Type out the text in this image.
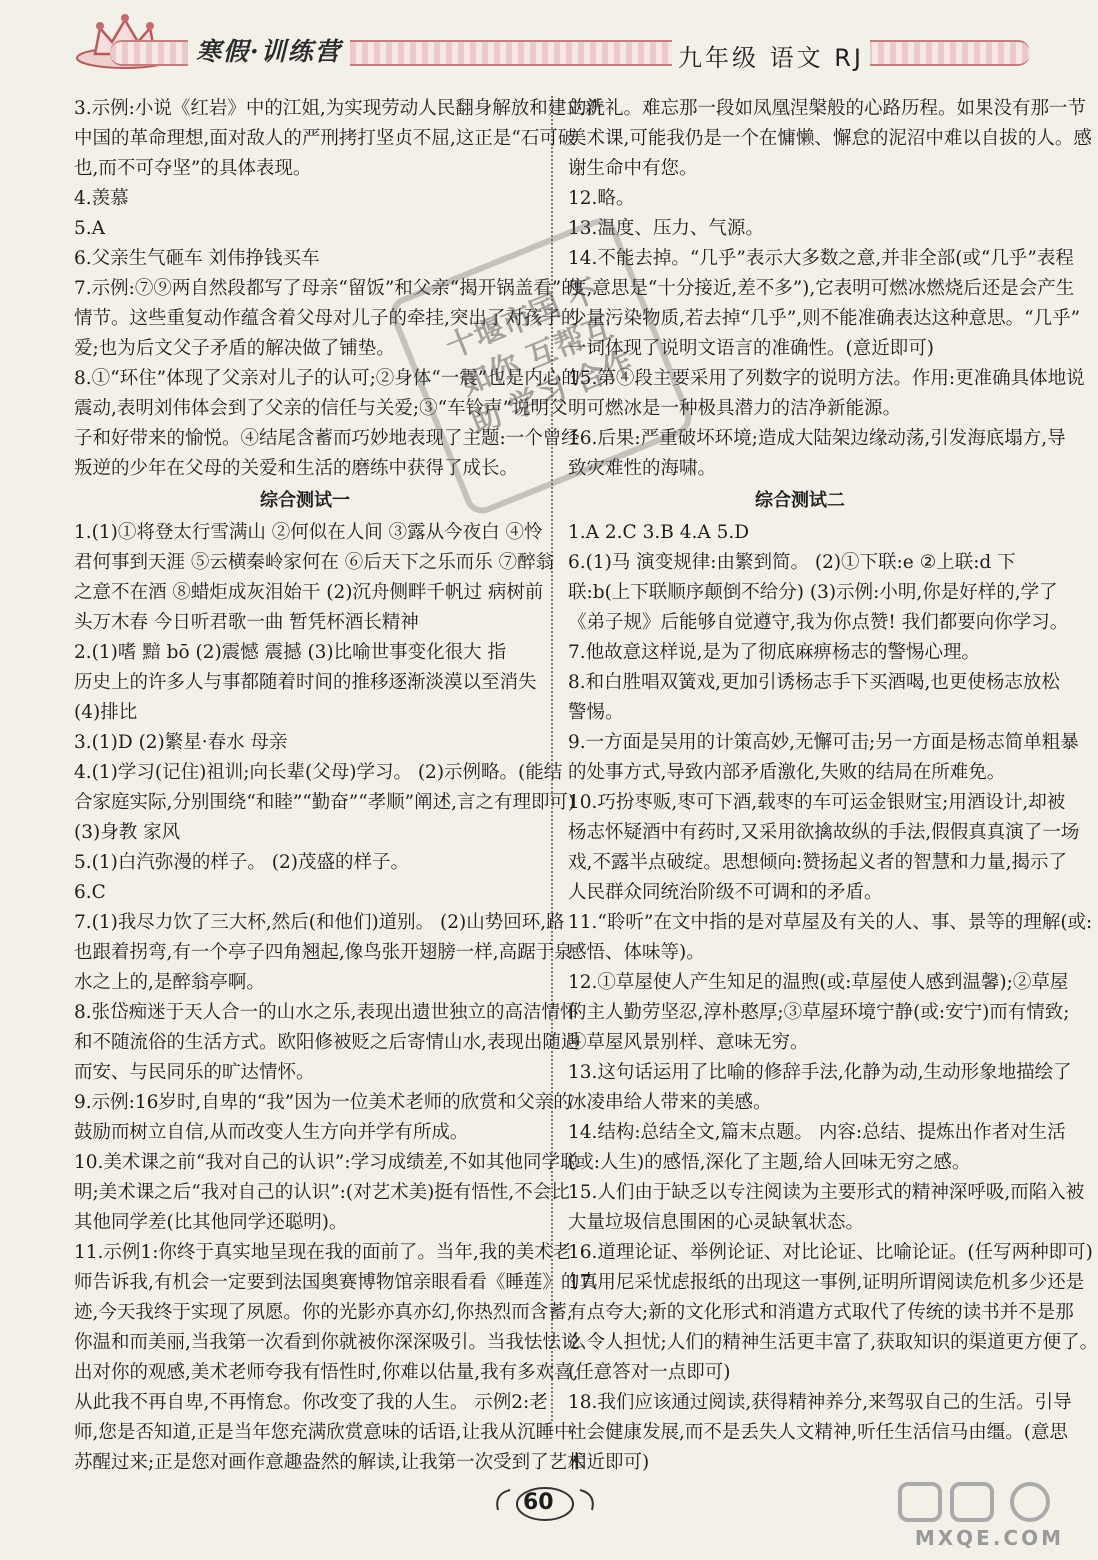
寒假·训练营	九年级 语文 RJ
3.示例:小说《红岩》中的江姐,为实现劳动人民翻身解放和建立新
中国的革命理想,面对敌人的严刑拷打坚贞不屈,这正是“石可破
也,而不可夺坚”的具体表现。
4.羡慕
5.A
6.父亲生气砸车 刘伟挣钱买车
7.示例:⑦⑨两自然段都写了母亲“留饭”和父亲“揭开锅盖看”的
情节。这些重复动作蕴含着父母对儿子的牵挂,突出了对孩子的
爱;也为后文父子矛盾的解决做了铺垫。
8.①“环住”体现了父亲对儿子的认可;②身体“一震”也是内心的
震动,表明刘伟体会到了父亲的信任与关爱;③“车铃声”说明父
子和好带来的愉悦。④结尾含蓄而巧妙地表现了主题:一个曾经
叛逆的少年在父母的关爱和生活的磨练中获得了成长。
综合测试一
1.(1)①将登太行雪满山 ②何似在人间 ③露从今夜白 ④怜
君何事到天涯 ⑤云横秦岭家何在 ⑥后天下之乐而乐 ⑦醉翁
之意不在酒 ⑧蜡炬成灰泪始干 (2)沉舟侧畔千帆过 病树前
头万木春 今日听君歌一曲 暂凭杯酒长精神
2.(1)嗜 黯 bō (2)震憾 震撼 (3)比喻世事变化很大 指
历史上的许多人与事都随着时间的推移逐渐淡漠以至消失
(4)排比
3.(1)D (2)繁星·春水 母亲
4.(1)学习(记住)祖训;向长辈(父母)学习。 (2)示例略。(能结
合家庭实际,分别围绕“和睦”“勤奋”“孝顺”阐述,言之有理即可)
(3)身教 家风
5.(1)白汽弥漫的样子。 (2)茂盛的样子。
6.C
7.(1)我尽力饮了三大杯,然后(和他们)道别。 (2)山势回环,路
也跟着拐弯,有一个亭子四角翘起,像鸟张开翅膀一样,高踞于泉
水之上的,是醉翁亭啊。
8.张岱痴迷于天人合一的山水之乐,表现出遗世独立的高洁情怀
和不随流俗的生活方式。欧阳修被贬之后寄情山水,表现出随遇
而安、与民同乐的旷达情怀。
9.示例:16岁时,自卑的“我”因为一位美术老师的欣赏和父亲的
鼓励而树立自信,从而改变人生方向并学有所成。
10.美术课之前“我对自己的认识”:学习成绩差,不如其他同学聪
明;美术课之后“我对自己的认识”:(对艺术美)挺有悟性,不会比
其他同学差(比其他同学还聪明)。
11.示例1:你终于真实地呈现在我的面前了。当年,我的美术老
师告诉我,有机会一定要到法国奥赛博物馆亲眼看看《睡莲》的真
迹,今天我终于实现了夙愿。你的光影亦真亦幻,你热烈而含蓄,
你温和而美丽,当我第一次看到你就被你深深吸引。当我怯怯说
出对你的观感,美术老师夸我有悟性时,你难以估量,我有多欢喜,
从此我不再自卑,不再惰怠。你改变了我的人生。 示例2:老
师,您是否知道,正是当年您充满欣赏意味的话语,让我从沉睡中
苏醒过来;正是您对画作意趣盎然的解读,让我第一次受到了艺术
的洗礼。难忘那一段如凤凰涅槃般的心路历程。如果没有那一节
美术课,可能我仍是一个在慵懒、懈怠的泥沼中难以自拔的人。感
谢生命中有您。
12.略。
13.温度、压力、气源。
14.不能去掉。“几乎”表示大多数之意,并非全部(或“几乎”表程
度,意思是“十分接近,差不多”),它表明可燃冰燃烧后还是会产生
少量污染物质,若去掉“几乎”,则不能准确表达这种意思。“几乎”
一词体现了说明文语言的准确性。(意近即可)
15.第④段主要采用了列数字的说明方法。作用:更准确具体地说
明可燃冰是一种极具潜力的洁净新能源。
16.后果:严重破坏环境;造成大陆架边缘动荡,引发海底塌方,导
致灾难性的海啸。
综合测试二
1.A 2.C 3.B 4.A 5.D
6.(1)马 演变规律:由繁到简。 (2)①下联:e ②上联:d 下
联:b(上下联顺序颠倒不给分) (3)示例:小明,你是好样的,学了
《弟子规》后能够自觉遵守,我为你点赞! 我们都要向你学习。
7.他故意这样说,是为了彻底麻痹杨志的警惕心理。
8.和白胜唱双簧戏,更加引诱杨志手下买酒喝,也更使杨志放松
警惕。
9.一方面是吴用的计策高妙,无懈可击;另一方面是杨志简单粗暴
的处事方式,导致内部矛盾激化,失败的结局在所难免。
10.巧扮枣贩,枣可下酒,载枣的车可运金银财宝;用酒设计,却被
杨志怀疑酒中有药时,又采用欲擒故纵的手法,假假真真演了一场
戏,不露半点破绽。思想倾向:赞扬起义者的智慧和力量,揭示了
人民群众同统治阶级不可调和的矛盾。
11.“聆听”在文中指的是对草屋及有关的人、事、景等的理解(或:
感悟、体味等)。
12.①草屋使人产生知足的温煦(或:草屋使人感到温馨);②草屋
的主人勤劳坚忍,淳朴憨厚;③草屋环境宁静(或:安宁)而有情致;
④草屋风景别样、意味无穷。
13.这句话运用了比喻的修辞手法,化静为动,生动形象地描绘了
冰凌串给人带来的美感。
14.结构:总结全文,篇末点题。 内容:总结、提炼出作者对生活
(或:人生)的感悟,深化了主题,给人回味无穷之感。
15.人们由于缺乏以专注阅读为主要形式的精神深呼吸,而陷入被
大量垃圾信息围困的心灵缺氧状态。
16.道理论证、举例论证、对比论证、比喻论证。(任写两种即可)
17.用尼采忧虑报纸的出现这一事例,证明所谓阅读危机多少还是
有点夸大;新的文化形式和消遣方式取代了传统的读书并不是那
么令人担忧;人们的精神生活更丰富了,获取知识的渠道更方便了。
(任意答对一点即可)
18.我们应该通过阅读,获得精神养分,来驾驭自己的生活。引导
社会健康发展,而不是丢失人文精神,听任生活信马由缰。(意思
相近即可)
十堰市国 不如你 互帮互助 学习 合作
60
MXQE.COM
